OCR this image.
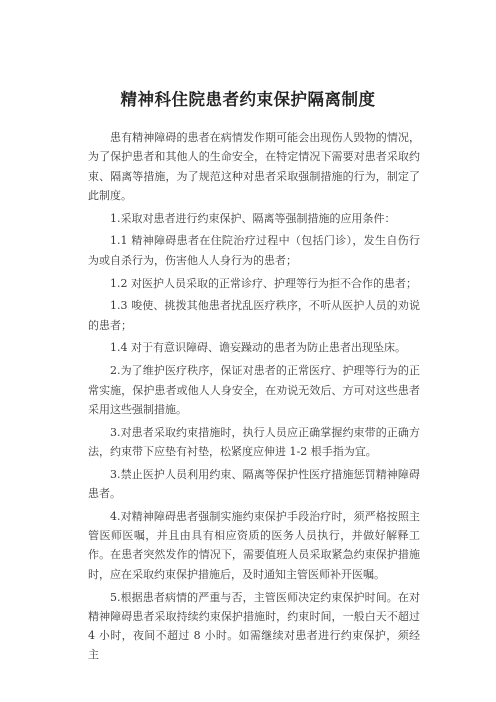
精神科住院患者约束保护隔离制度

患有精神障碍的患者在病情发作期可能会出现伤人毁物的情况，为了保护患者和其他人的生命安全，在特定情况下需要对患者采取约束、隔离等措施，为了规范这种对患者采取强制措施的行为，制定了此制度。

1.采取对患者进行约束保护、隔离等强制措施的应用条件：

1.1 精神障碍患者在住院治疗过程中（包括门诊），发生自伤行为或自杀行为，伤害他人人身行为的患者；

1.2 对医护人员采取的正常诊疗、护理等行为拒不合作的患者；

1.3 唆使、挑拨其他患者扰乱医疗秩序，不听从医护人员的劝说的患者；

1.4 对于有意识障碍、谵妄躁动的患者为防止患者出现坠床。

2.为了维护医疗秩序，保证对患者的正常医疗、护理等行为的正常实施，保护患者或他人人身安全，在劝说无效后、方可对这些患者采用这些强制措施。

3.对患者采取约束措施时，执行人员应正确掌握约束带的正确方法，约束带下应垫有衬垫，松紧度应伸进 1-2 根手指为宜。

3.禁止医护人员利用约束、隔离等保护性医疗措施惩罚精神障碍患者。

4.对精神障碍患者强制实施约束保护手段治疗时，须严格按照主管医师医嘱，并且由具有相应资质的医务人员执行，并做好解释工作。在患者突然发作的情况下，需要值班人员采取紧急约束保护措施时，应在采取约束保护措施后，及时通知主管医师补开医嘱。

5.根据患者病情的严重与否，主管医师决定约束保护时间。在对精神障碍患者采取持续约束保护措施时，约束时间，一般白天不超过 4 小时，夜间不超过 8 小时。如需继续对患者进行约束保护，须经主
